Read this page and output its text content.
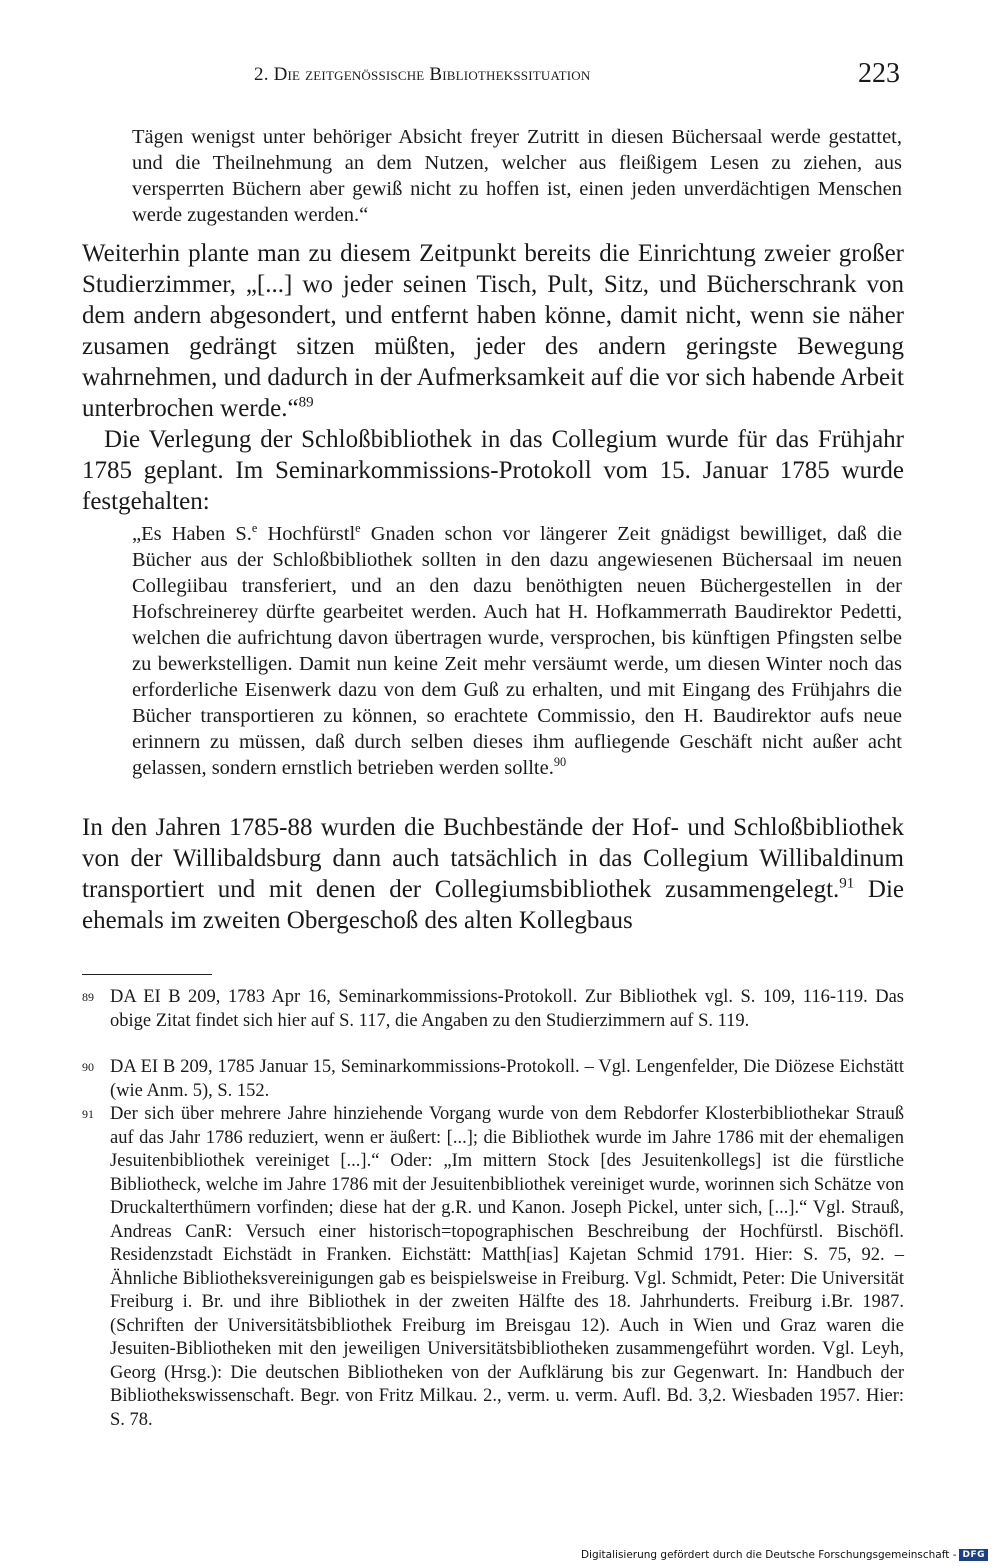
2. Die zeitgenössische Bibliothekssituation	223
Tägen wenigst unter behöriger Absicht freyer Zutritt in diesen Büchersaal werde gestattet, und die Theilnehmung an dem Nutzen, welcher aus fleißigem Lesen zu ziehen, aus versperrten Büchern aber gewiß nicht zu hoffen ist, einen jeden unverdächtigen Menschen werde zugestanden werden.“
Weiterhin plante man zu diesem Zeitpunkt bereits die Einrichtung zweier großer Studierzimmer, „[...] wo jeder seinen Tisch, Pult, Sitz, und Bücherschrank von dem andern abgesondert, und entfernt haben könne, damit nicht, wenn sie näher zusamen gedrängt sitzen müßten, jeder des andern geringste Bewegung wahrnehmen, und dadurch in der Aufmerksamkeit auf die vor sich habende Arbeit unterbrochen werde.“$^{89}$
Die Verlegung der Schloßbibliothek in das Collegium wurde für das Frühjahr 1785 geplant. Im Seminarkommissions-Protokoll vom 15. Januar 1785 wurde festgehalten:
„Es Haben S.$^e$ Hochfürstl$^e$ Gnaden schon vor längerer Zeit gnädigst bewilliget, daß die Bücher aus der Schloßbibliothek sollten in den dazu angewiesenen Büchersaal im neuen Collegiibau transferiert, und an den dazu benöthigten neuen Büchergestellen in der Hofschreinerey dürfte gearbeitet werden. Auch hat H. Hofkammerrath Baudirektor Pedetti, welchen die aufrichtung davon übertragen wurde, versprochen, bis künftigen Pfingsten selbe zu bewerkstelligen. Damit nun keine Zeit mehr versäumt werde, um diesen Winter noch das erforderliche Eisenwerk dazu von dem Guß zu erhalten, und mit Eingang des Frühjahrs die Bücher transportieren zu können, so erachtete Commissio, den H. Baudirektor aufs neue erinnern zu müssen, daß durch selben dieses ihm aufliegende Geschäft nicht außer acht gelassen, sondern ernstlich betrieben werden sollte.$^{90}$
In den Jahren 1785-88 wurden die Buchbestände der Hof- und Schloßbibliothek von der Willibaldsburg dann auch tatsächlich in das Collegium Willibaldinum transportiert und mit denen der Collegiumsbibliothek zusammengelegt.$^{91}$ Die ehemals im zweiten Obergeschoß des alten Kollegbaus
89 DA EI B 209, 1783 Apr 16, Seminarkommissions-Protokoll. Zur Bibliothek vgl. S. 109, 116-119. Das obige Zitat findet sich hier auf S. 117, die Angaben zu den Studierzimmern auf S. 119.
90 DA EI B 209, 1785 Januar 15, Seminarkommissions-Protokoll. – Vgl. Lengenfelder, Die Diözese Eichstätt (wie Anm. 5), S. 152.
91 Der sich über mehrere Jahre hinziehende Vorgang wurde von dem Rebdorfer Klosterbibliothekar Strauß auf das Jahr 1786 reduziert, wenn er äußert: [...]; die Bibliothek wurde im Jahre 1786 mit der ehemaligen Jesuitenbibliothek vereiniget [...].“ Oder: „Im mittern Stock [des Jesuitenkollegs] ist die fürstliche Bibliotheck, welche im Jahre 1786 mit der Jesuitenbibliothek vereiniget wurde, worinnen sich Schätze von Druckalterthümern vorfinden; diese hat der g.R. und Kanon. Joseph Pickel, unter sich, [...].“ Vgl. Strauß, Andreas CanR: Versuch einer historisch=topographischen Beschreibung der Hochfürstl. Bischöfl. Residenzstadt Eichstädt in Franken. Eichstätt: Matth[ias] Kajetan Schmid 1791. Hier: S. 75, 92. – Ähnliche Bibliotheksvereinigungen gab es beispielsweise in Freiburg. Vgl. Schmidt, Peter: Die Universität Freiburg i. Br. und ihre Bibliothek in der zweiten Hälfte des 18. Jahrhunderts. Freiburg i.Br. 1987. (Schriften der Universitätsbibliothek Freiburg im Breisgau 12). Auch in Wien und Graz waren die Jesuiten-Bibliotheken mit den jeweiligen Universitätsbibliotheken zusammengeführt worden. Vgl. Leyh, Georg (Hrsg.): Die deutschen Bibliotheken von der Aufklärung bis zur Gegenwart. In: Handbuch der Bibliothekswissenschaft. Begr. von Fritz Milkau. 2., verm. u. verm. Aufl. Bd. 3,2. Wiesbaden 1957. Hier: S. 78.
Digitalisierung gefördert durch die Deutsche Forschungsgemeinschaft - DFG
